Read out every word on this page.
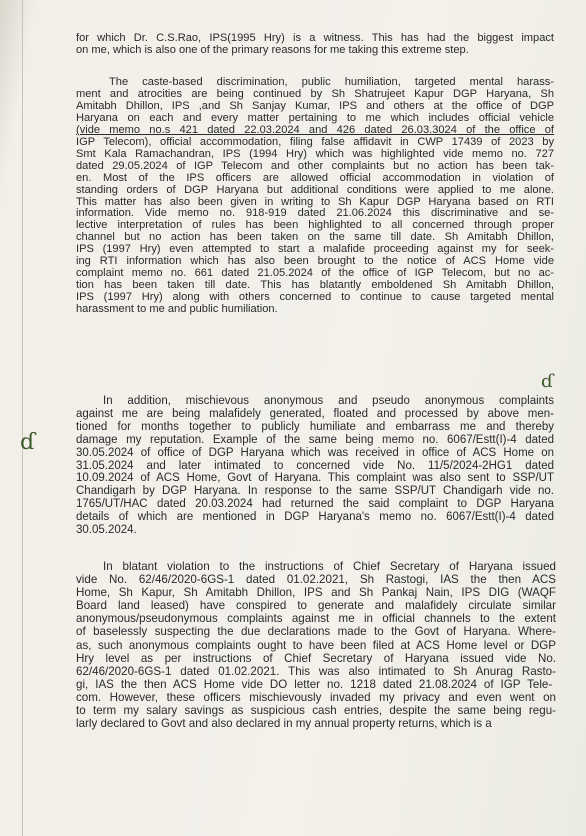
for which Dr. C.S.Rao, IPS(1995 Hry) is a witness. This has had the biggest impact
on me, which is also one of the primary reasons for me taking this extreme step.
The caste-based discrimination, public humiliation, targeted mental harass-
ment and atrocities are being continued by Sh Shatrujeet Kapur DGP Haryana, Sh
Amitabh Dhillon, IPS ,and Sh Sanjay Kumar, IPS and others at the office of DGP
Haryana on each and every matter pertaining to me which includes official vehicle
(vide memo no.s 421 dated 22.03.2024 and 426 dated 26.03.3024 of the office of
IGP Telecom), official accommodation, filing false affidavit in CWP 17439 of 2023 by
Smt Kala Ramachandran, IPS (1994 Hry) which was highlighted vide memo no. 727
dated 29.05.2024 of IGP Telecom and other complaints but no action has been tak-
en. Most of the IPS officers are allowed official accommodation in violation of
standing orders of DGP Haryana but additional conditions were applied to me alone.
This matter has also been given in writing to Sh Kapur DGP Haryana based on RTI
information. Vide memo no. 918-919 dated 21.06.2024 this discriminative and se-
lective interpretation of rules has been highlighted to all concerned through proper
channel but no action has been taken on the same till date. Sh Amitabh Dhillon,
IPS (1997 Hry) even attempted to start a malafide proceeding against my for seek-
ing RTI information which has also been brought to the notice of ACS Home vide
complaint memo no. 661 dated 21.05.2024 of the office of IGP Telecom, but no ac-
tion has been taken till date. This has blatantly emboldened Sh Amitabh Dhillon,
IPS (1997 Hry) along with others concerned to continue to cause targeted mental
harassment to me and public humiliation.
ɗ
In addition, mischievous anonymous and pseudo anonymous complaints
against me are being malafidely generated, floated and processed by above men-
tioned for months together to publicly humiliate and embarrass me and thereby
damage my reputation. Example of the same being memo no. 6067/Estt(I)-4 dated
30.05.2024 of office of DGP Haryana which was received in office of ACS Home on
31.05.2024 and later intimated to concerned vide No. 11/5/2024-2HG1 dated
10.09.2024 of ACS Home, Govt of Haryana. This complaint was also sent to SSP/UT
Chandigarh by DGP Haryana. In response to the same SSP/UT Chandigarh vide no.
1765/UT/HAC dated 20.03.2024 had returned the said complaint to DGP Haryana
details of which are mentioned in DGP Haryana's memo no. 6067/Estt(I)-4 dated
30.05.2024.
ɗ
In blatant violation to the instructions of Chief Secretary of Haryana issued
vide No. 62/46/2020-6GS-1 dated 01.02.2021, Sh Rastogi, IAS the then ACS
Home, Sh Kapur, Sh Amitabh Dhillon, IPS and Sh Pankaj Nain, IPS DIG (WAQF
Board land leased) have conspired to generate and malafidely circulate similar
anonymous/pseudonymous complaints against me in official channels to the extent
of baselessly suspecting the due declarations made to the Govt of Haryana. Where-
as, such anonymous complaints ought to have been filed at ACS Home level or DGP
Hry level as per instructions of Chief Secretary of Haryana issued vide No.
62/46/2020-6GS-1 dated 01.02.2021. This was also intimated to Sh Anurag Rasto-
gi, IAS the then ACS Home vide DO letter no. 1218 dated 21.08.2024 of IGP Tele-
com. However, these officers mischievously invaded my privacy and even went on
to term my salary savings as suspicious cash entries, despite the same being regu-
larly declared to Govt and also declared in my annual property returns, which is a
